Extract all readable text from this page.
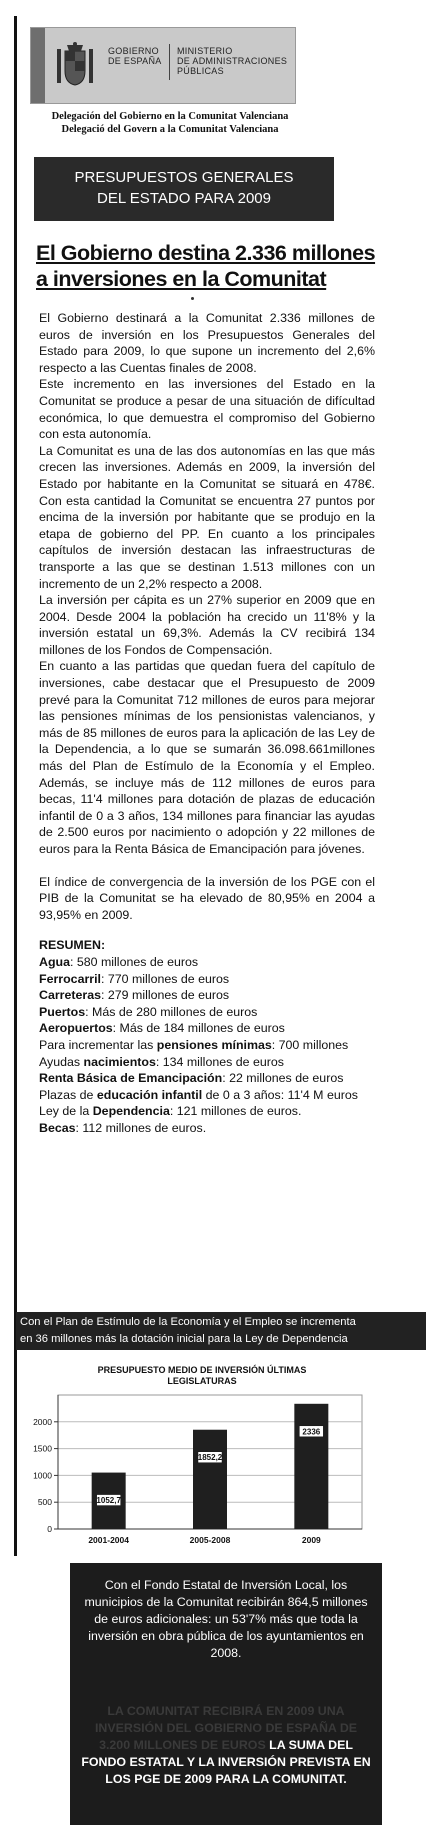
GOBIERNO
DE ESPAÑA
MINISTERIO
DE ADMINISTRACIONES
PÚBLICAS
Delegación del Gobierno en la Comunitat Valenciana
Delegació del Govern a la Comunitat Valenciana
PRESUPUESTOS GENERALES
DEL ESTADO PARA 2009
El Gobierno destina 2.336 millones
a inversiones en la Comunitat

El Gobierno destinará a la Comunitat 2.336 millones de euros de inversión en los Presupuestos Generales del Estado para 2009, lo que supone un incremento del 2,6% respecto a las Cuentas finales de 2008.

Este incremento en las inversiones del Estado en la Comunitat se produce a pesar de una situación de difícultad económica, lo que demuestra el compromiso del Gobierno con esta autonomía.

La Comunitat es una de las dos autonomías en las que más crecen las inversiones. Además en 2009, la inversión del Estado por habitante en la Comunitat se situará en 478€. Con esta cantidad la Comunitat se encuentra 27 puntos por encima de la inversión por habitante que se produjo en la etapa de gobierno del PP. En cuanto a los principales capítulos de inversión destacan las infraestructuras de transporte a las que se destinan 1.513 millones con un incremento de un 2,2% respecto a 2008.

La inversión per cápita es un 27% superior en 2009 que en 2004. Desde 2004 la población ha crecido un 11'8% y la inversión estatal un 69,3%. Además la CV recibirá 134 millones de los Fondos de Compensación.

En cuanto a las partidas que quedan fuera del capítulo de inversiones, cabe destacar que el Presupuesto de 2009 prevé para la Comunitat 712 millones de euros para mejorar las pensiones mínimas de los pensionistas valencianos, y más de 85 millones de euros para la aplicación de las Ley de la Dependencia, a lo que se sumarán 36.098.661millones más del Plan de Estímulo de la Economía y el Empleo. Además, se incluye más de 112 millones de euros para becas, 11'4 millones para dotación de plazas de educación infantil de 0 a 3 años, 134 millones para financiar las ayudas de 2.500 euros por nacimiento o adopción y 22 millones de euros para la Renta Básica de Emancipación para jóvenes.

El índice de convergencia de la inversión de los PGE con el PIB de la Comunitat se ha elevado de 80,95% en 2004 a 93,95% en 2009.

RESUMEN:
Agua: 580 millones de euros
Ferrocarril: 770 millones de euros
Carreteras: 279 millones de euros
Puertos: Más de 280 millones de euros
Aeropuertos: Más de 184 millones de euros
Para incrementar las pensiones mínimas: 700 millones
Ayudas nacimientos: 134 millones de euros
Renta Básica de Emancipación: 22 millones de euros
Plazas de educación infantil de 0 a 3 años: 11'4 M euros
Ley de la Dependencia: 121 millones de euros.
Becas: 112 millones de euros.
Con el Plan de Estímulo de la Economía y el Empleo se incrementa
en 36 millones más la dotación inicial para la Ley de Dependencia
PRESUPUESTO MEDIO DE INVERSIÓN ÚLTIMAS
LEGISLATURAS
0
500
1000
1500
2000
1052,7
2001-2004
1852,2
2005-2008
2336
2009
Con el Fondo Estatal de Inversión Local, los municipios de la Comunitat recibirán 864,5 millones de euros adicionales: un 53'7% más que toda la inversión en obra pública de los ayuntamientos en 2008.
LA COMUNITAT RECIBIRÁ EN 2009 UNA INVERSIÓN DEL GOBIERNO DE ESPAÑA DE 3.200 MILLONES DE EUROS LA SUMA DEL FONDO ESTATAL Y LA INVERSIÓN PREVISTA EN LOS PGE DE 2009 PARA LA COMUNITAT.
